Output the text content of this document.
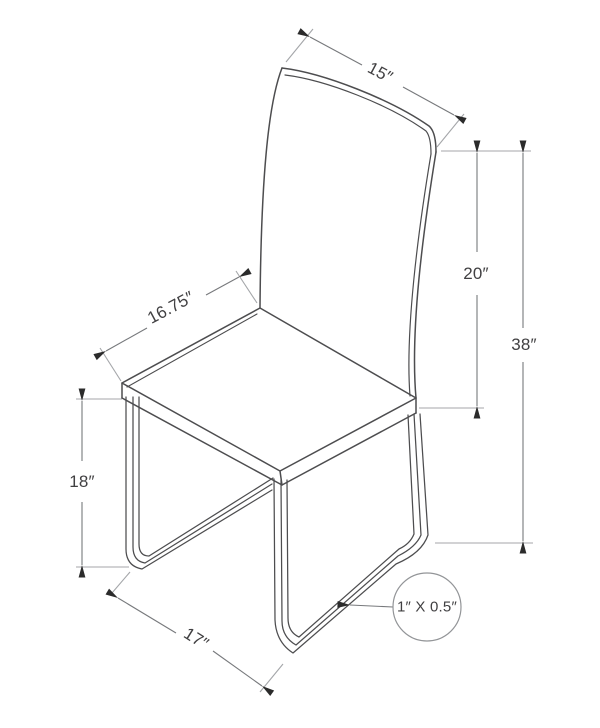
15″
20″
38″
16.75″
18″
17″
1″ X 0.5″
